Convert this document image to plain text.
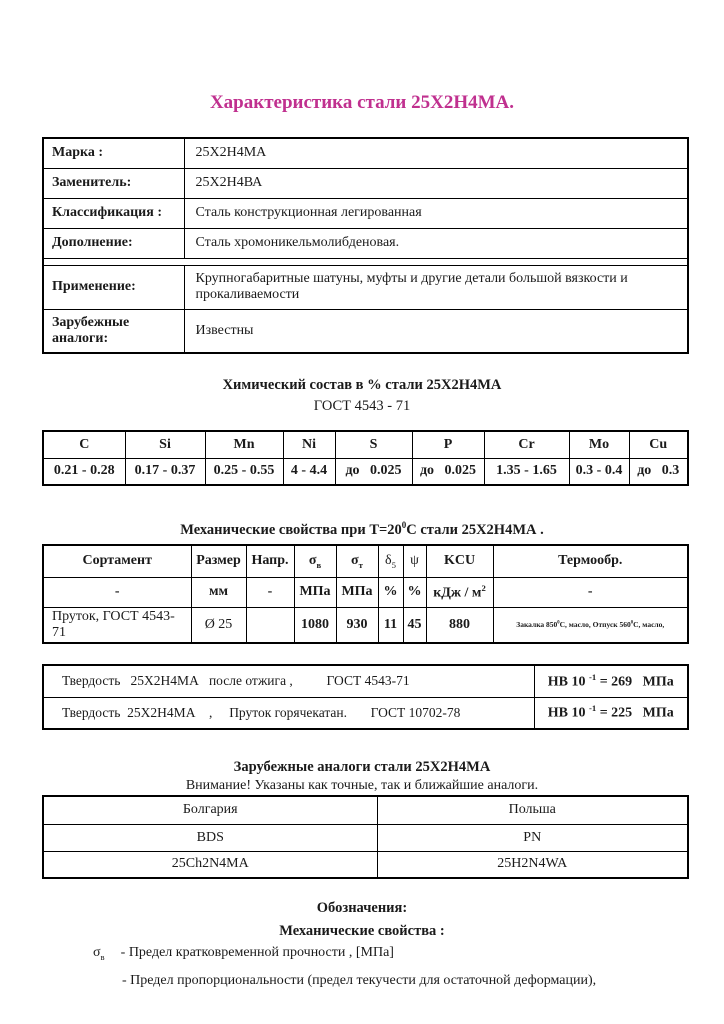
Характеристика стали 25Х2Н4МА.
Марка :	25Х2Н4МА
Заменитель:	25Х2Н4ВА
Классификация :	Сталь конструкционная легированная
Дополнение:	Сталь хромоникельмолибденовая.

Применение:	Крупногабаритные шатуны, муфты и другие детали большой вязкости и прокаливаемости
Зарубежные аналоги:	Известны
Химический состав в % стали 25Х2Н4МА
ГОСТ 4543 - 71
C	Si	Mn	Ni	S	P	Cr	Mo	Cu
0.21 - 0.28	0.17 - 0.37	0.25 - 0.55	4 - 4.4	до   0.025	до   0.025	1.35 - 1.65	0.3 - 0.4	до   0.3
Механические свойства при $Т=20^0С$ стали 25Х2Н4МА .
Сортамент	Размер	Напр.	$\sigma_в$	$\sigma_т$	$\delta_5$	ψ	KCU	Термообр.
-	мм	-	МПа	МПа	%	%	кДж / $м^2$	-
Пруток, ГОСТ 4543-71	Ø 25		1080	930	11	45	880	Закалка $850^0С$, масло, Отпуск $560^0С$, масло,
Твердость   25Х2Н4МА   после отжига ,          ГОСТ 4543-71	НВ 10 $^{-1}$ = 269   МПа
Твердость  25Х2Н4МА    ,     Пруток горячекатан.       ГОСТ 10702-78	НВ 10 $^{-1}$ = 225   МПа
Зарубежные аналоги стали 25Х2Н4МА
Внимание! Указаны как точные, так и ближайшие аналоги.
Болгария	Польша
BDS	PN
25Ch2N4MA	25H2N4WA
Обозначения:
Механические свойства :
$\sigma_в$ - Предел кратковременной прочности , [МПа]
- Предел пропорциональности (предел текучести для остаточной деформации),
